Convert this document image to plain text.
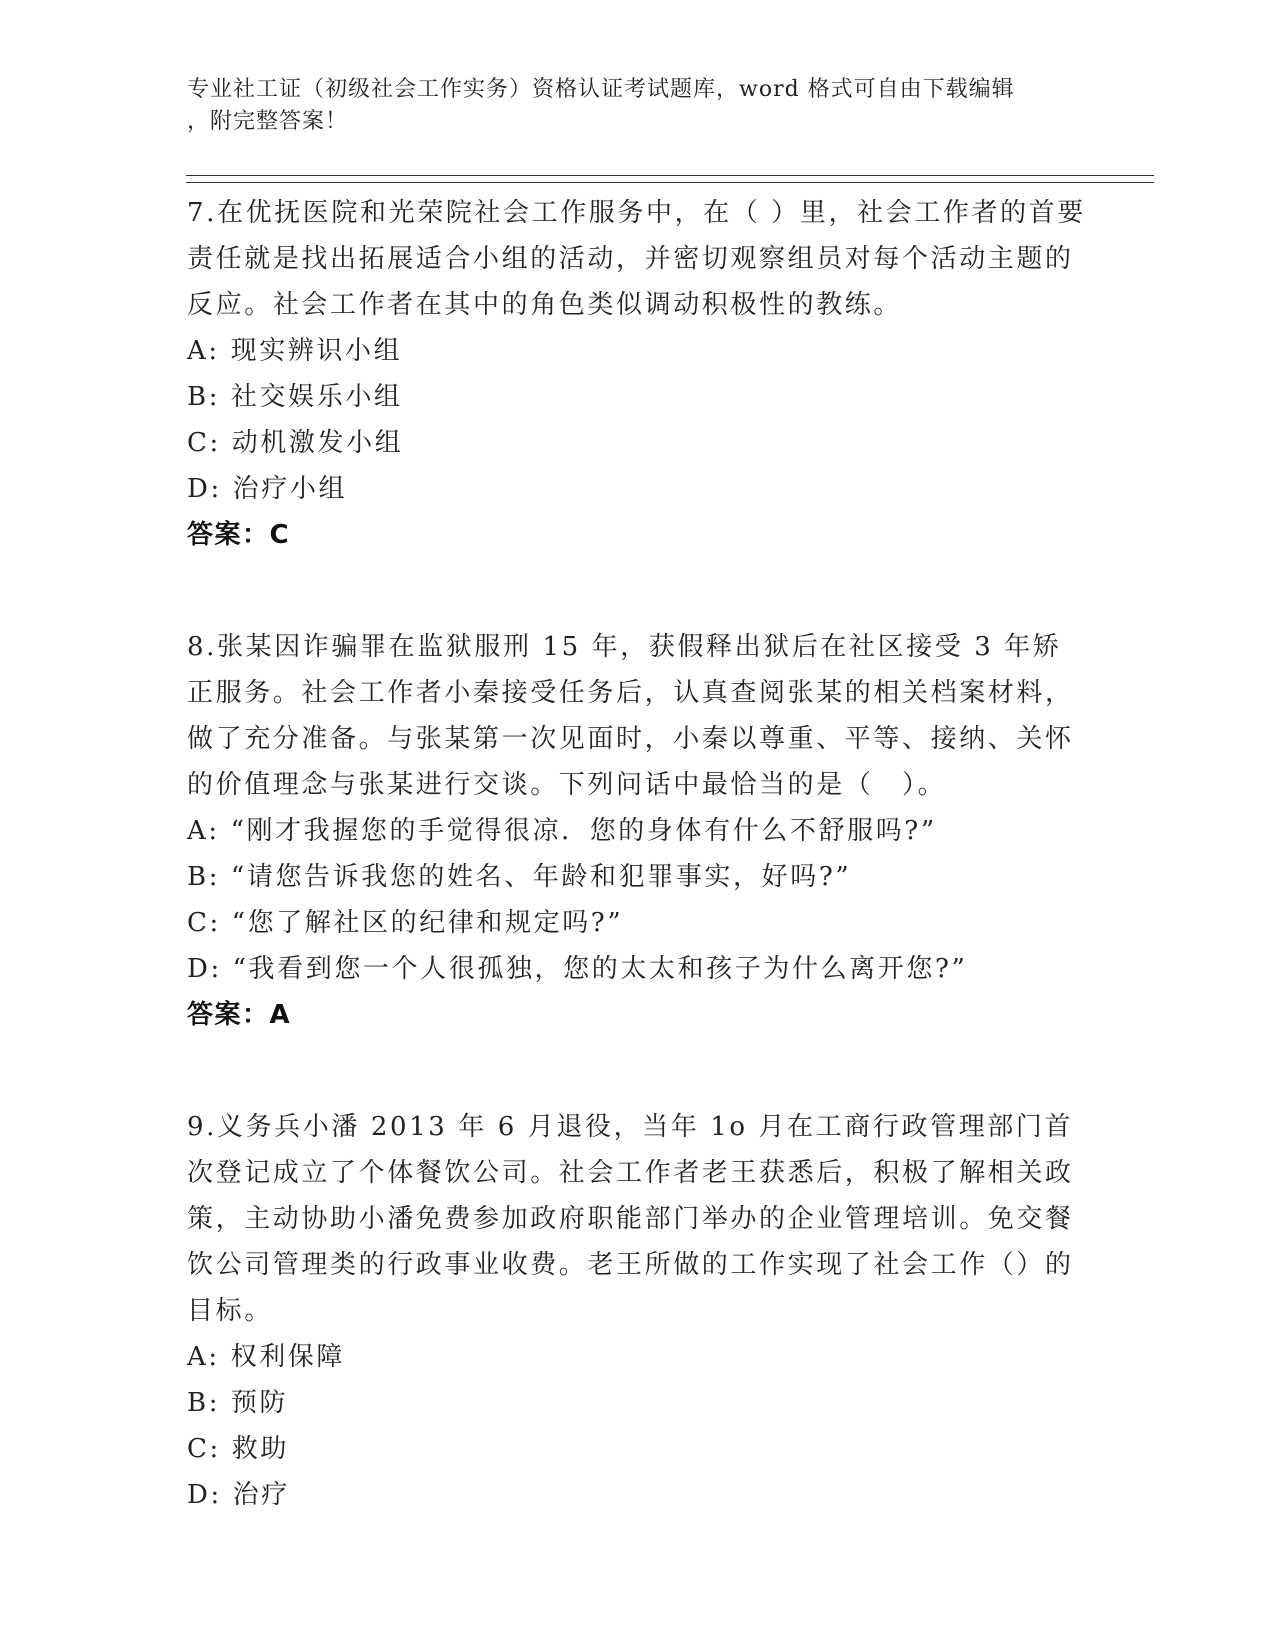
专业社工证（初级社会工作实务）资格认证考试题库，word 格式可自由下载编辑
，附完整答案！

7.在优抚医院和光荣院社会工作服务中，在（ ）里，社会工作者的首要责任就是找出拓展适合小组的活动，并密切观察组员对每个活动主题的反应。社会工作者在其中的角色类似调动积极性的教练。

A: 现实辨识小组

B: 社交娱乐小组

C: 动机激发小组

D: 治疗小组

答案：C

8.张某因诈骗罪在监狱服刑 15 年，获假释出狱后在社区接受 3 年矫正服务。社会工作者小秦接受任务后，认真查阅张某的相关档案材料，做了充分准备。与张某第一次见面时，小秦以尊重、平等、接纳、关怀的价值理念与张某进行交谈。下列问话中最恰当的是（　）。

A: “刚才我握您的手觉得很凉．您的身体有什么不舒服吗?”

B: “请您告诉我您的姓名、年龄和犯罪事实，好吗?”

C: “您了解社区的纪律和规定吗?”

D: “我看到您一个人很孤独，您的太太和孩子为什么离开您?”

答案：A

9.义务兵小潘 2013 年 6 月退役，当年 1o 月在工商行政管理部门首次登记成立了个体餐饮公司。社会工作者老王获悉后，积极了解相关政策，主动协助小潘免费参加政府职能部门举办的企业管理培训。免交餐饮公司管理类的行政事业收费。老王所做的工作实现了社会工作（）的目标。

A: 权利保障

B: 预防

C: 救助

D: 治疗
